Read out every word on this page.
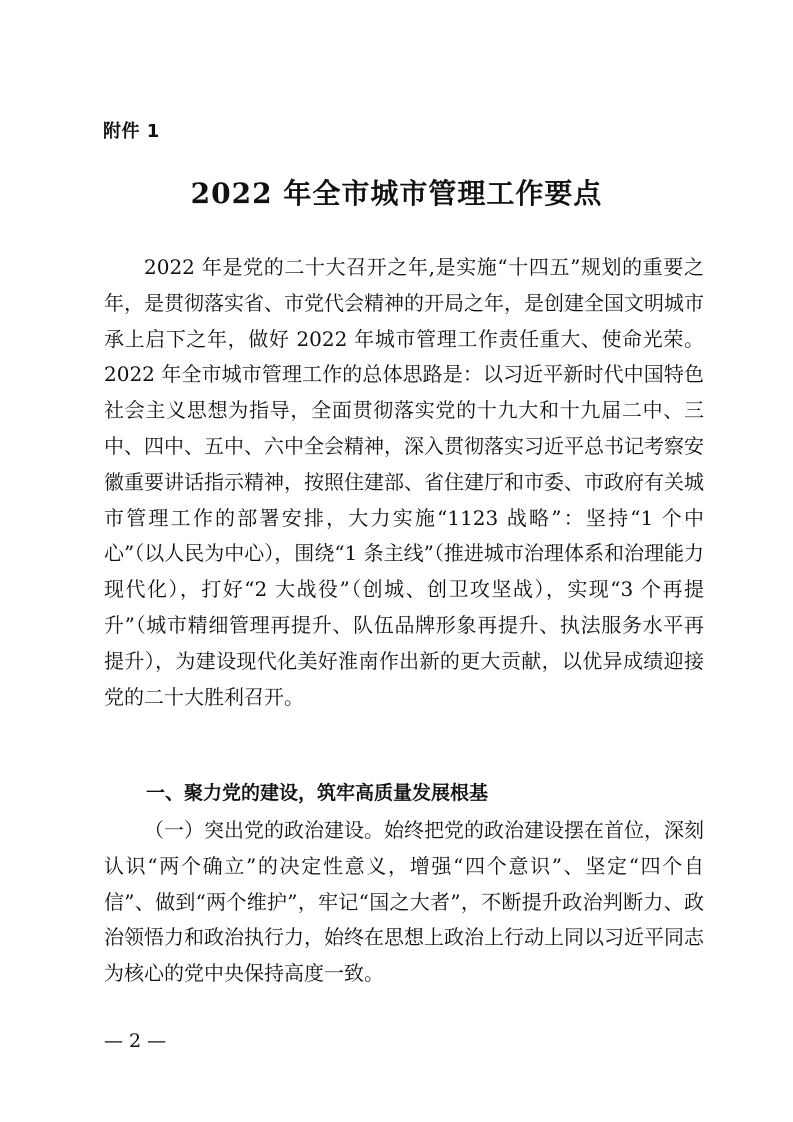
附件 1
2022 年全市城市管理工作要点

2022 年是党的二十大召开之年,是实施“十四五”规划的重要之年，是贯彻落实省、市党代会精神的开局之年，是创建全国文明城市承上启下之年，做好 2022 年城市管理工作责任重大、使命光荣。2022 年全市城市管理工作的总体思路是：以习近平新时代中国特色社会主义思想为指导，全面贯彻落实党的十九大和十九届二中、三中、四中、五中、六中全会精神，深入贯彻落实习近平总书记考察安徽重要讲话指示精神，按照住建部、省住建厅和市委、市政府有关城市管理工作的部署安排，大力实施“1123 战略”：坚持“1 个中心”（以人民为中心），围绕“1 条主线”（推进城市治理体系和治理能力现代化），打好“2 大战役”（创城、创卫攻坚战），实现“3 个再提升”（城市精细管理再提升、队伍品牌形象再提升、执法服务水平再提升），为建设现代化美好淮南作出新的更大贡献，以优异成绩迎接党的二十大胜利召开。

一、聚力党的建设，筑牢高质量发展根基

（一）突出党的政治建设。始终把党的政治建设摆在首位，深刻认识“两个确立”的决定性意义，增强“四个意识”、坚定“四个自信”、做到“两个维护”，牢记“国之大者”，不断提升政治判断力、政治领悟力和政治执行力，始终在思想上政治上行动上同以习近平同志为核心的党中央保持高度一致。

— 2 —
